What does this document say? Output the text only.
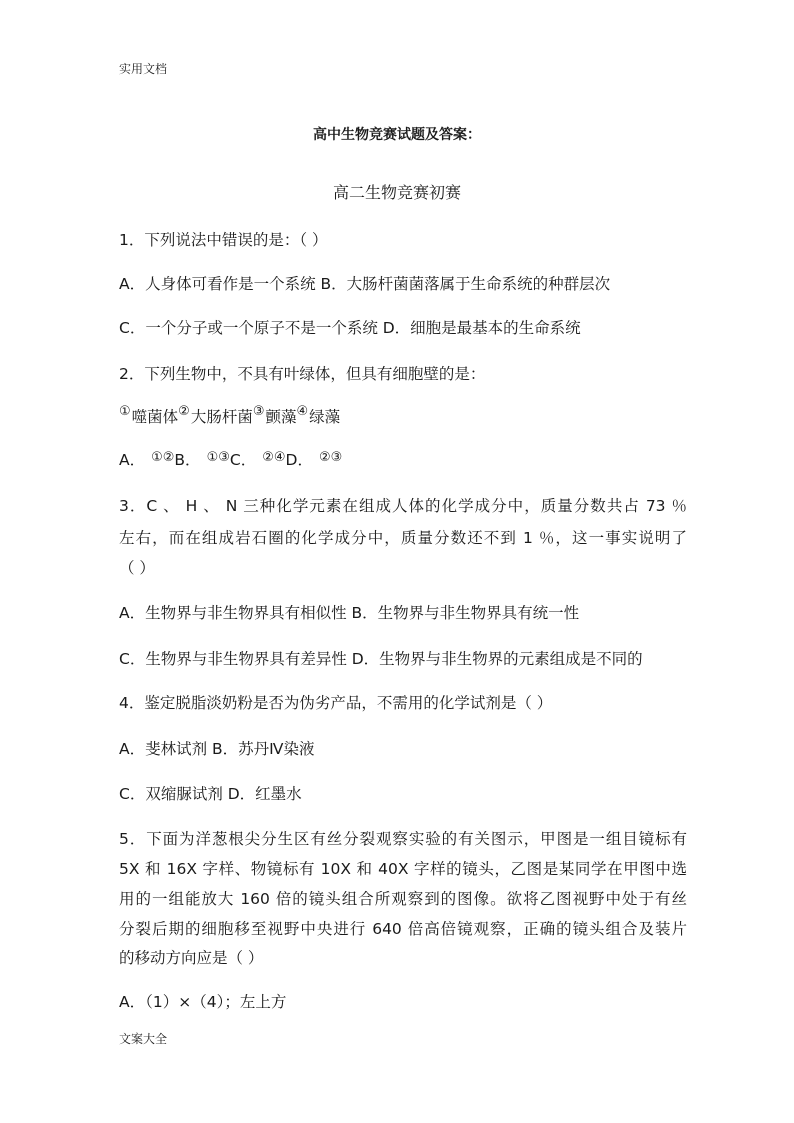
实用文档
高中生物竞赛试题及答案：
高二生物竞赛初赛
1．下列说法中错误的是：（ ）
A．人身体可看作是一个系统 B．大肠杆菌菌落属于生命系统的种群层次
C．一个分子或一个原子不是一个系统 D．细胞是最基本的生命系统
2．下列生物中，不具有叶绿体，但具有细胞壁的是：
①噬菌体②大肠杆菌③颤藻④绿藻
A． ①②B． ①③C． ②④D． ②③
3．C 、 H 、 N 三种化学元素在组成人体的化学成分中，质量分数共占 73 ％
左右，而在组成岩石圈的化学成分中，质量分数还不到 1 ％，这一事实说明了
（ ）
A．生物界与非生物界具有相似性 B．生物界与非生物界具有统一性
C．生物界与非生物界具有差异性 D．生物界与非生物界的元素组成是不同的
4．鉴定脱脂淡奶粉是否为伪劣产品，不需用的化学试剂是（ ）
A．斐林试剂 B．苏丹Ⅳ染液
C．双缩脲试剂 D．红墨水
5．下面为洋葱根尖分生区有丝分裂观察实验的有关图示，甲图是一组目镜标有
5X 和 16X 字样、物镜标有 10X 和 40X 字样的镜头，乙图是某同学在甲图中选
用的一组能放大 160 倍的镜头组合所观察到的图像。欲将乙图视野中处于有丝
分裂后期的细胞移至视野中央进行 640 倍高倍镜观察，正确的镜头组合及装片
的移动方向应是（ ）
A．（1）×（4）；左上方
文案大全
